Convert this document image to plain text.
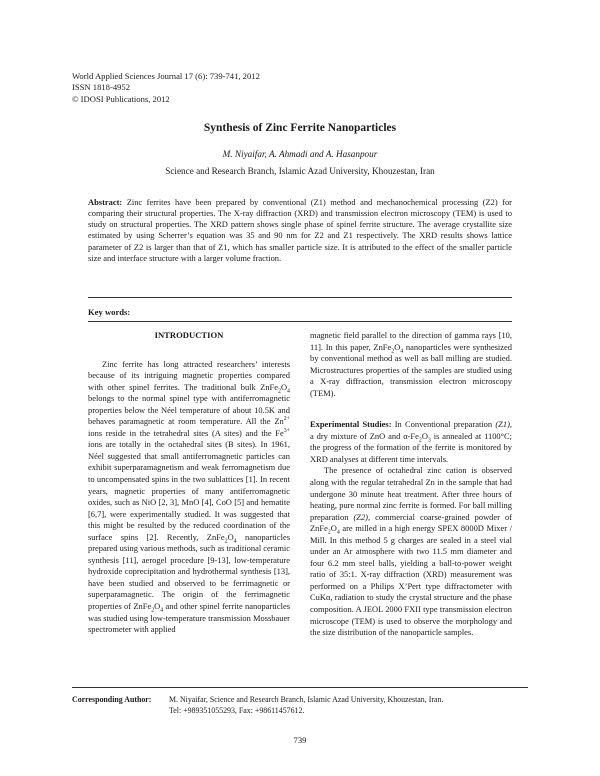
World Applied Sciences Journal 17 (6): 739-741, 2012
ISSN 1818-4952
© IDOSI Publications, 2012
Synthesis of Zinc Ferrite Nanoparticles
M. Niyaifar, A. Ahmadi and A. Hasanpour
Science and Research Branch, Islamic Azad University, Khouzestan, Iran
Abstract: Zinc ferrites have been prepared by conventional (Z1) method and mechanochemical processing (Z2) for comparing their structural properties. The X-ray diffraction (XRD) and transmission electron microscopy (TEM) is used to study on structural properties. The XRD pattern shows single phase of spinel ferrite structure. The average crystallite size estimated by using Scherrer’s equation was 35 and 90 nm for Z2 and Z1 respectively. The XRD results shows lattice parameter of Z2 is larger than that of Z1, which has smaller particle size. It is attributed to the effect of the smaller particle size and interface structure with a larger volume fraction.
Key words:
INTRODUCTION

Zinc ferrite has long attracted researchers’ interests because of its intriguing magnetic properties compared with other spinel ferrites. The traditional bulk $ZnFe_2O_4$ belongs to the normal spinel type with antiferromagnetic properties below the Néel temperature of about 10.5K and behaves paramagnetic at room temperature. All the $Zn^{2+}$ ions reside in the tetrahedral sites (A sites) and the $Fe^{3+}$ ions are totally in the octahedral sites (B sites). In 1961, Néel suggested that small antiferromagnetic particles can exhibit superparamagnetism and weak ferromagnetism due to uncompensated spins in the two sublattices [1]. In recent years, magnetic properties of many antiferromagnetic oxides, such as NiO [2, 3], MnO [4], CoO [5] and hematite [6,7], were experimentally studied. It was suggested that this might be resulted by the reduced coordination of the surface spins [2]. Recently, $ZnFe_2O_4$ nanoparticles prepared using various methods, such as traditional ceramic synthesis [11], aerogel procedure [9-13], low-temperature hydroxide coprecipitation and hydrothermal synthesis [13], have been studied and observed to be ferrimagnetic or superparamagnetic. The origin of the ferrimagnetic properties of $ZnFe_2O_4$ and other spinel ferrite nanoparticles was studied using low-temperature transmission Mossbauer spectrometer with applied

magnetic field parallel to the direction of gamma rays [10, 11]. In this paper, $ZnFe_2O_4$ nanoparticles were synthesized by conventional method as well as ball milling are studied. Microstructures properties of the samples are studied using a X-ray diffraction, transmission electron microscopy (TEM).

Experimental Studies: In Conventional preparation (Z1), a dry mixture of ZnO and $\alpha-Fe_2O_3$ is annealed at 1100°C; the progress of the formation of the ferrite is monitored by XRD analyses at different time intervals.

The presence of octahedral zinc cation is observed along with the regular tetrahedral Zn in the sample that had undergone 30 minute heat treatment. After three hours of heating, pure normal zinc ferrite is formed. For ball milling preparation (Z2), commercial coarse-grained powder of $ZnFe_2O_4$ are milled in a high energy SPEX 8000D Mixer / Mill. In this method 5 g charges are sealed in a steel vial under an Ar atmosphere with two 11.5 mm diameter and four 6.2 mm steel balls, yielding a ball-to-power weight ratio of 35:1. X-ray diffraction (XRD) measurement was performed on a Philips X’Pert type diffractometer with CuKα, radiation to study the crystal structure and the phase composition. A JEOL 2000 FXII type transmission electron microscope (TEM) is used to observe the morphology and the size distribution of the nanoparticle samples.

Corresponding Author: M. Niyaifar, Science and Research Branch, Islamic Azad University, Khouzestan, Iran.
Tel: +989351055293, Fax: +98611457612.
739
